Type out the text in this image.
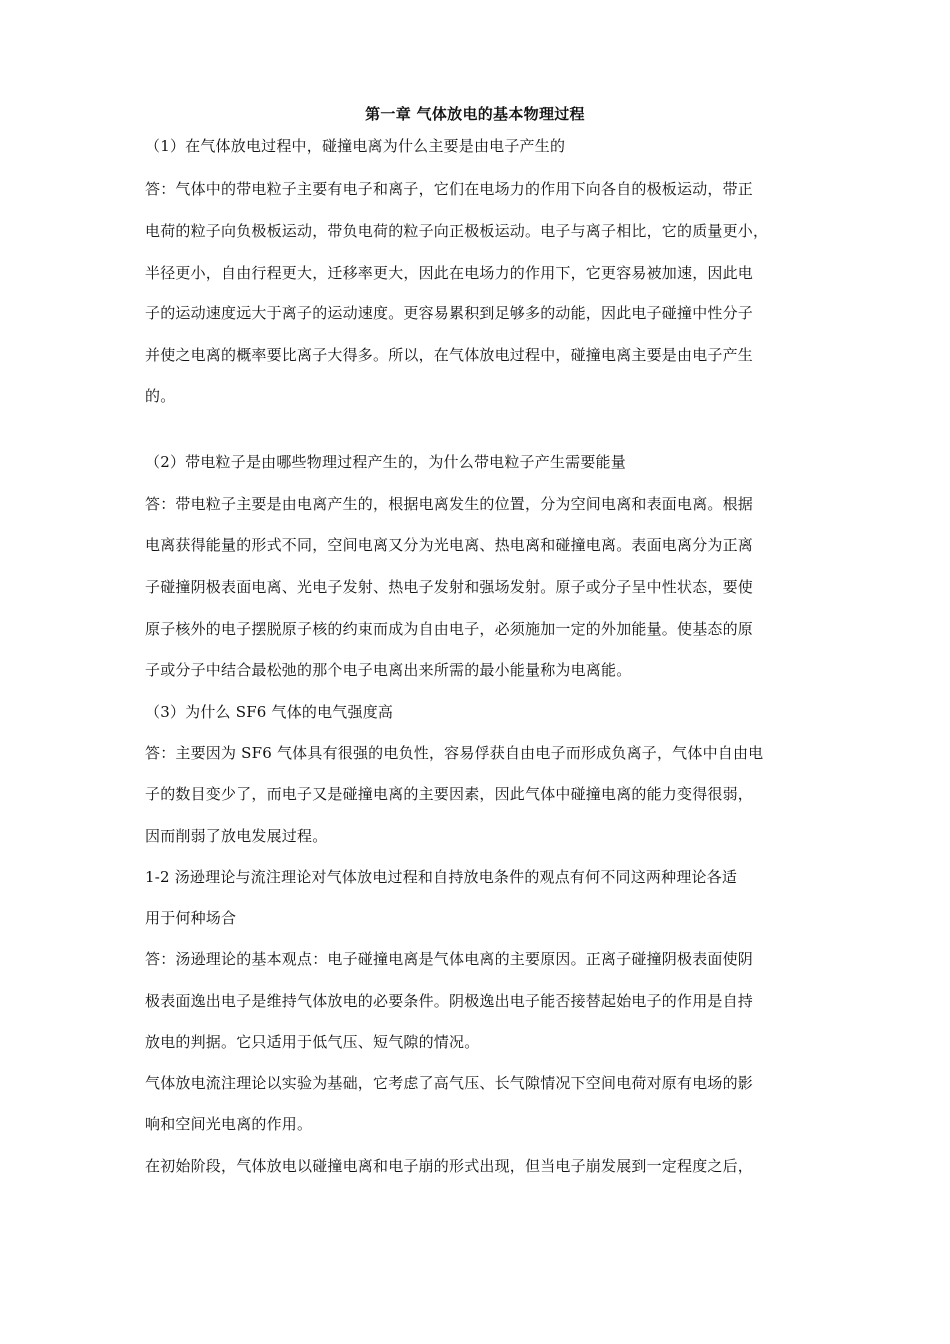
第一章 气体放电的基本物理过程
（1）在气体放电过程中，碰撞电离为什么主要是由电子产生的
答：气体中的带电粒子主要有电子和离子，它们在电场力的作用下向各自的极板运动，带正
电荷的粒子向负极板运动，带负电荷的粒子向正极板运动。电子与离子相比，它的质量更小，
半径更小，自由行程更大，迁移率更大，因此在电场力的作用下，它更容易被加速，因此电
子的运动速度远大于离子的运动速度。更容易累积到足够多的动能，因此电子碰撞中性分子
并使之电离的概率要比离子大得多。所以，在气体放电过程中，碰撞电离主要是由电子产生
的。
（2）带电粒子是由哪些物理过程产生的，为什么带电粒子产生需要能量
答：带电粒子主要是由电离产生的，根据电离发生的位置，分为空间电离和表面电离。根据
电离获得能量的形式不同，空间电离又分为光电离、热电离和碰撞电离。表面电离分为正离
子碰撞阴极表面电离、光电子发射、热电子发射和强场发射。原子或分子呈中性状态，要使
原子核外的电子摆脱原子核的约束而成为自由电子，必须施加一定的外加能量。使基态的原
子或分子中结合最松弛的那个电子电离出来所需的最小能量称为电离能。
（3）为什么 SF6 气体的电气强度高
答：主要因为 SF6 气体具有很强的电负性，容易俘获自由电子而形成负离子，气体中自由电
子的数目变少了，而电子又是碰撞电离的主要因素，因此气体中碰撞电离的能力变得很弱，
因而削弱了放电发展过程。
1-2 汤逊理论与流注理论对气体放电过程和自持放电条件的观点有何不同这两种理论各适
用于何种场合
答：汤逊理论的基本观点：电子碰撞电离是气体电离的主要原因。正离子碰撞阴极表面使阴
极表面逸出电子是维持气体放电的必要条件。阴极逸出电子能否接替起始电子的作用是自持
放电的判据。它只适用于低气压、短气隙的情况。
气体放电流注理论以实验为基础，它考虑了高气压、长气隙情况下空间电荷对原有电场的影
响和空间光电离的作用。
在初始阶段，气体放电以碰撞电离和电子崩的形式出现，但当电子崩发展到一定程度之后，
